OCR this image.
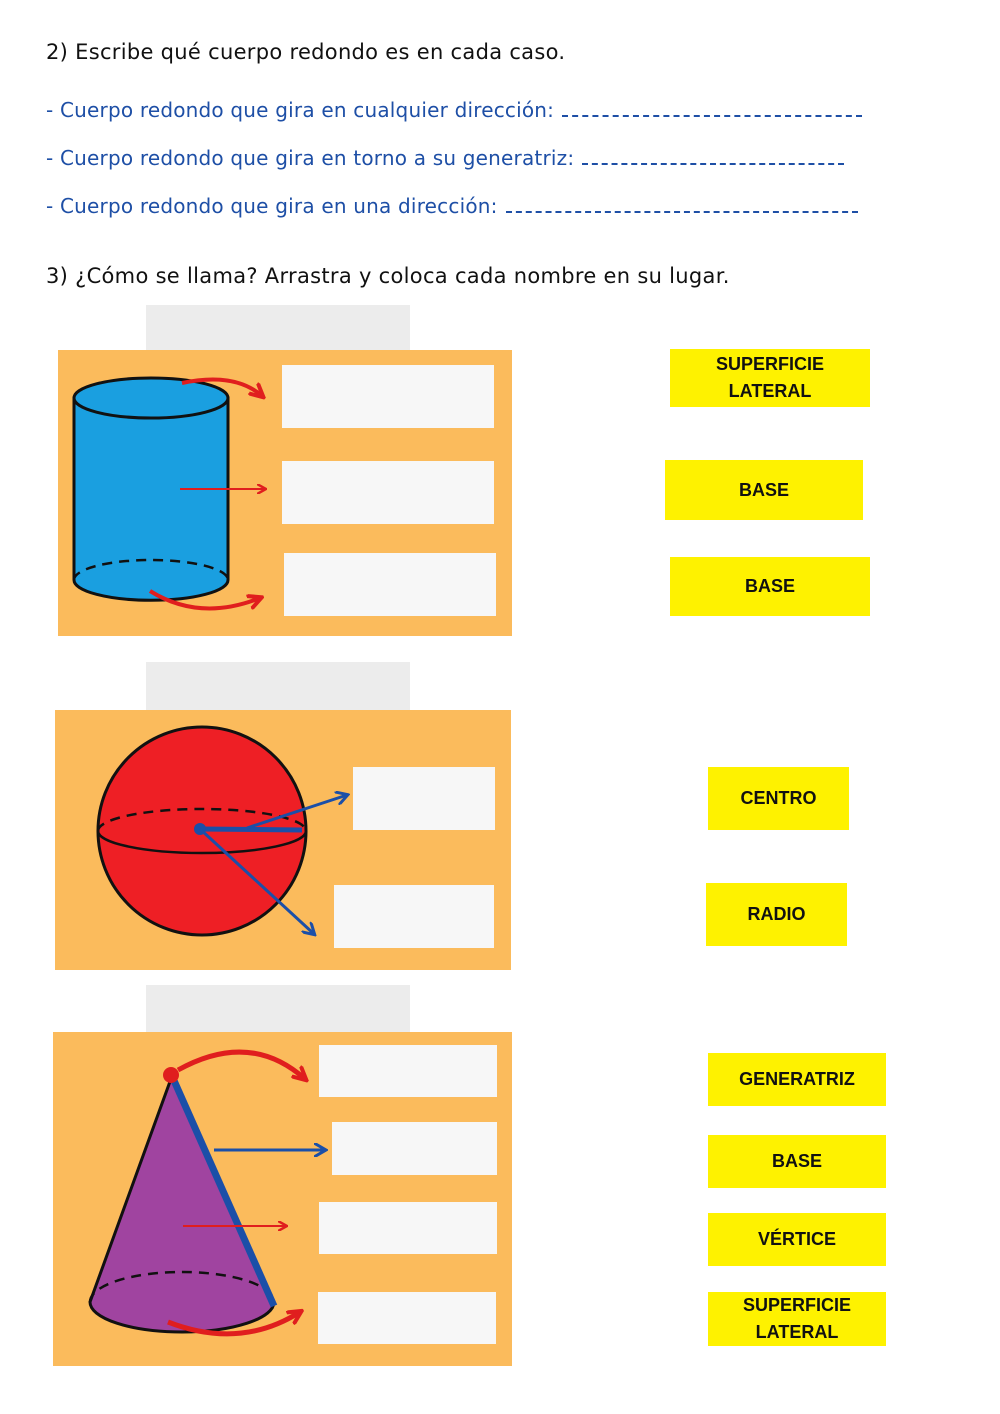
2) Escribe qué cuerpo redondo es en cada caso.
- Cuerpo redondo que gira en cualquier dirección:
- Cuerpo redondo que gira en torno a su generatriz:
- Cuerpo redondo que gira en una dirección:
3) ¿Cómo se llama? Arrastra y coloca cada nombre en su lugar.
SUPERFICIE
LATERAL
BASE
BASE
CENTRO
RADIO
GENERATRIZ
BASE
VÉRTICE
SUPERFICIE
LATERAL
